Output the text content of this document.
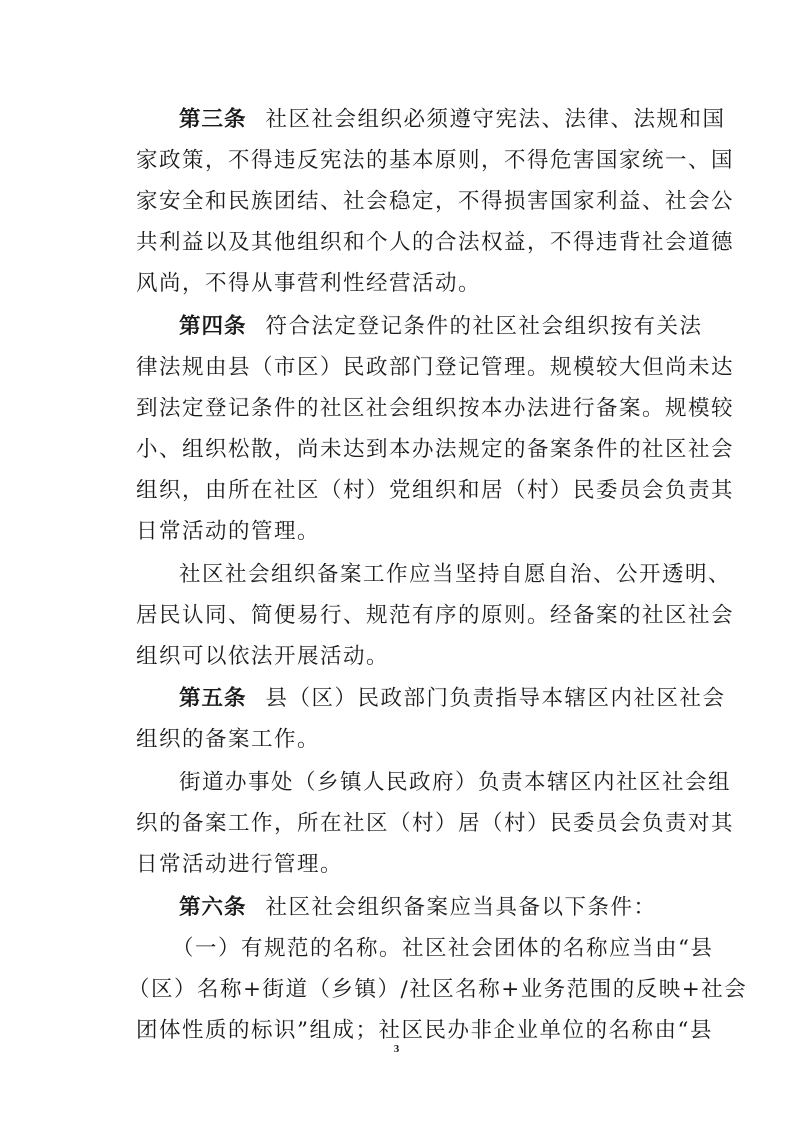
第三条 社区社会组织必须遵守宪法、法律、法规和国
家政策，不得违反宪法的基本原则，不得危害国家统一、国
家安全和民族团结、社会稳定，不得损害国家利益、社会公
共利益以及其他组织和个人的合法权益，不得违背社会道德
风尚，不得从事营利性经营活动。
第四条 符合法定登记条件的社区社会组织按有关法
律法规由县（市区）民政部门登记管理。规模较大但尚未达
到法定登记条件的社区社会组织按本办法进行备案。规模较
小、组织松散，尚未达到本办法规定的备案条件的社区社会
组织，由所在社区（村）党组织和居（村）民委员会负责其
日常活动的管理。
社区社会组织备案工作应当坚持自愿自治、公开透明、
居民认同、简便易行、规范有序的原则。经备案的社区社会
组织可以依法开展活动。
第五条 县（区）民政部门负责指导本辖区内社区社会
组织的备案工作。
街道办事处（乡镇人民政府）负责本辖区内社区社会组
织的备案工作，所在社区（村）居（村）民委员会负责对其
日常活动进行管理。
第六条 社区社会组织备案应当具备以下条件：
（一）有规范的名称。社区社会团体的名称应当由“县
（区）名称+街道（乡镇）/社区名称+业务范围的反映+社会
团体性质的标识”组成；社区民办非企业单位的名称由“县
3
